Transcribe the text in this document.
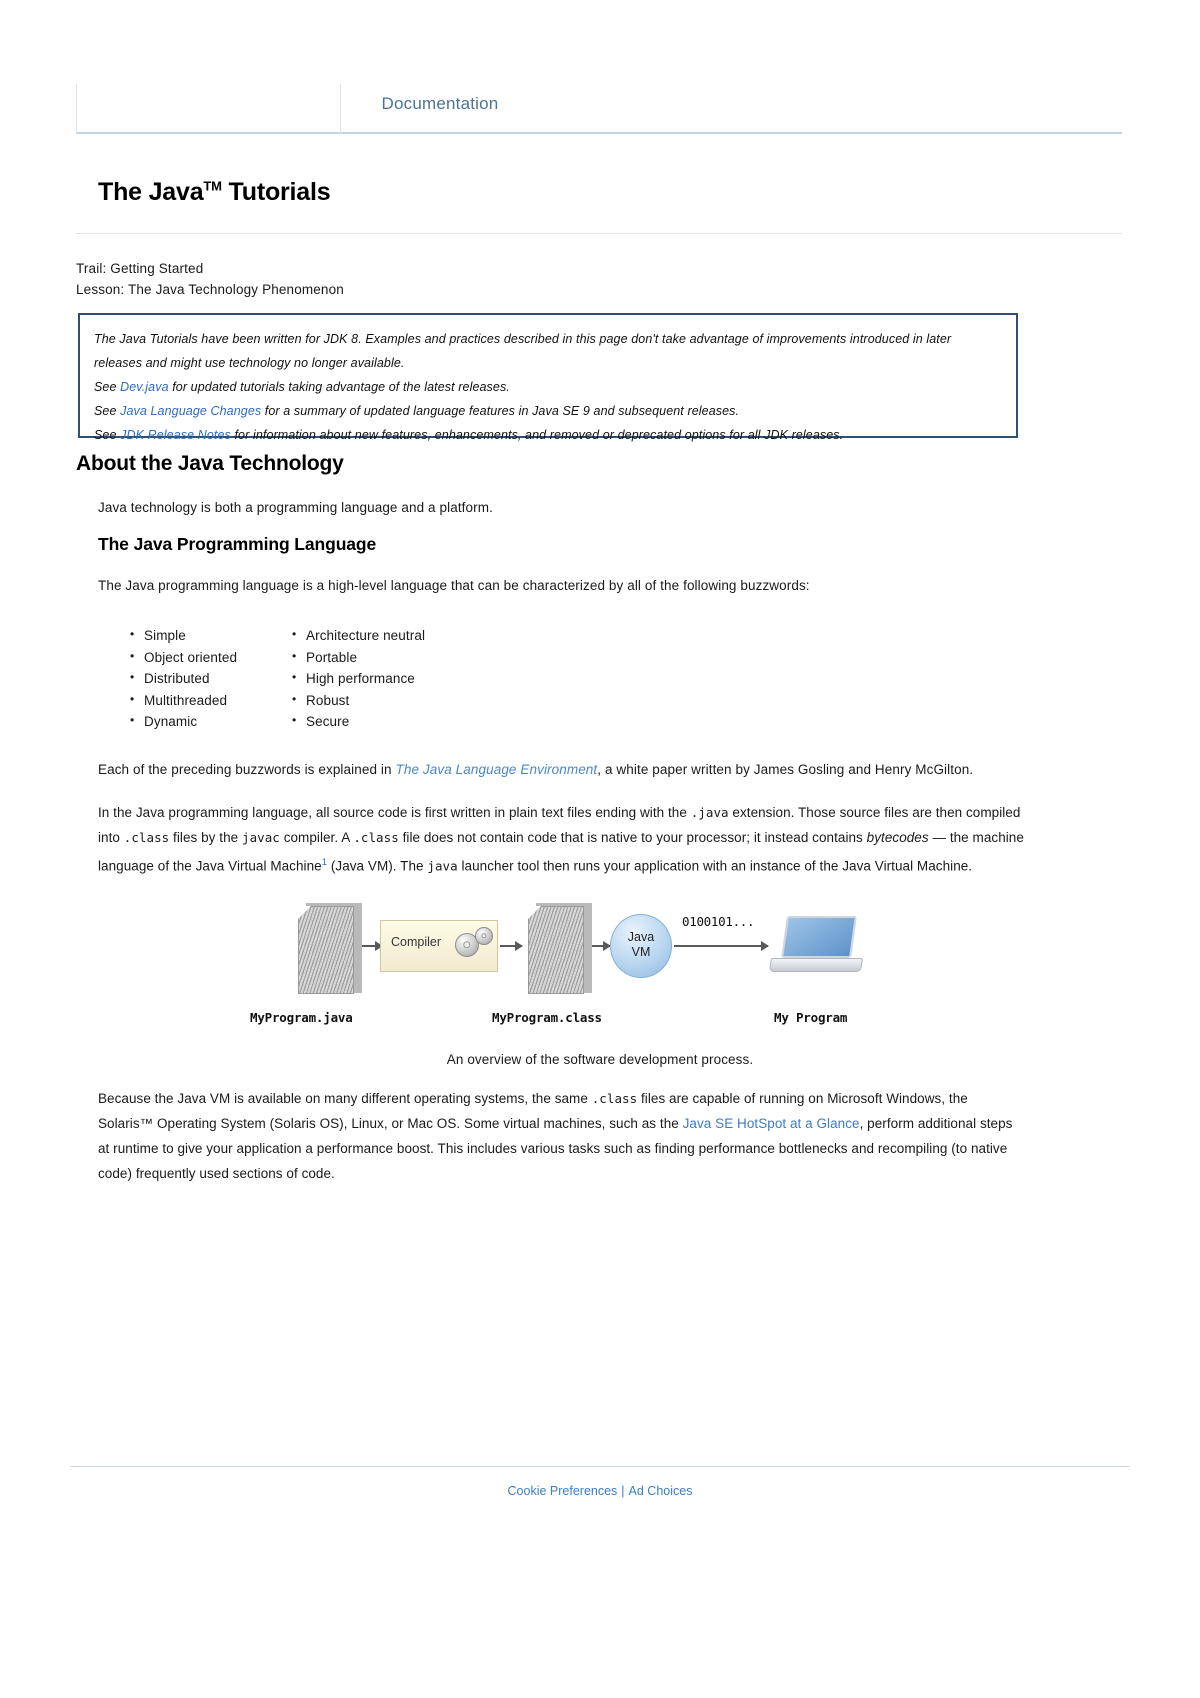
Documentation
The Java™ Tutorials
Trail: Getting Started
Lesson: The Java Technology Phenomenon

The Java Tutorials have been written for JDK 8. Examples and practices described in this page don't take advantage of improvements introduced in later releases and might use technology no longer available.

See Dev.java for updated tutorials taking advantage of the latest releases.

See Java Language Changes for a summary of updated language features in Java SE 9 and subsequent releases.

See JDK Release Notes for information about new features, enhancements, and removed or deprecated options for all JDK releases.

About the Java Technology
Java technology is both a programming language and a platform.
The Java Programming Language
The Java programming language is a high-level language that can be characterized by all of the following buzzwords:
• Simple
• Object oriented
• Distributed
• Multithreaded
• Dynamic
• Architecture neutral
• Portable
• High performance
• Robust
• Secure
Each of the preceding buzzwords is explained in The Java Language Environment, a white paper written by James Gosling and Henry McGilton.
In the Java programming language, all source code is first written in plain text files ending with the .java extension. Those source files are then compiled into .class files by the javac compiler. A .class file does not contain code that is native to your processor; it instead contains bytecodes — the machine language of the Java Virtual Machine$^1$ (Java VM). The java launcher tool then runs your application with an instance of the Java Virtual Machine.
Compiler	Java
VM
0100101...
MyProgram.java	MyProgram.class	My Program
An overview of the software development process.
Because the Java VM is available on many different operating systems, the same .class files are capable of running on Microsoft Windows, the Solaris™ Operating System (Solaris OS), Linux, or Mac OS. Some virtual machines, such as the Java SE HotSpot at a Glance, perform additional steps at runtime to give your application a performance boost. This includes various tasks such as finding performance bottlenecks and recompiling (to native code) frequently used sections of code.
Cookie Preferences | Ad Choices
